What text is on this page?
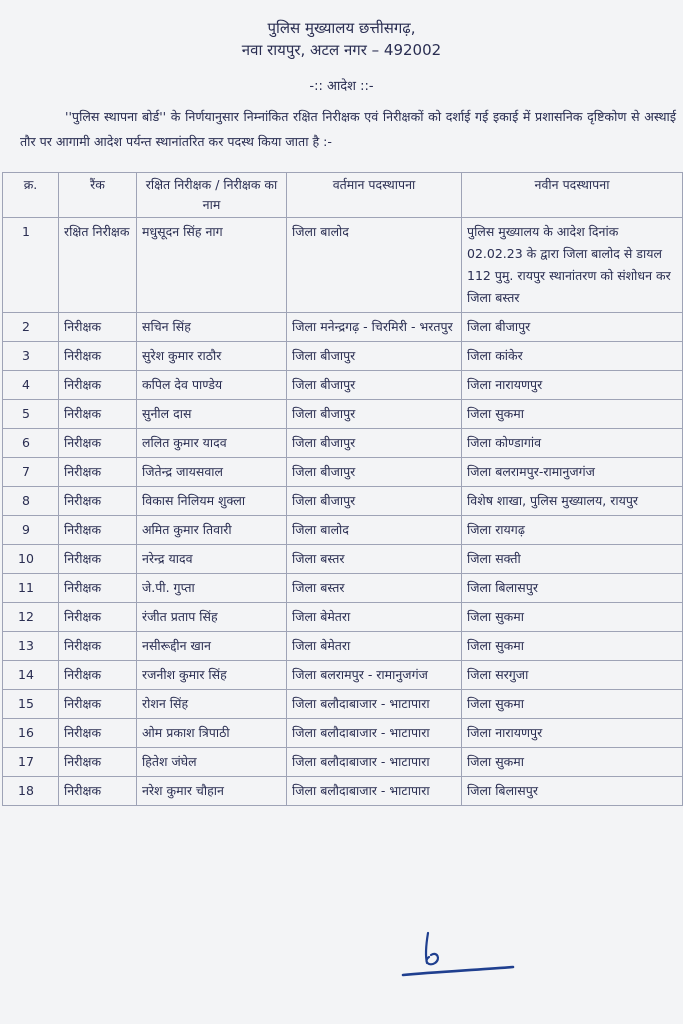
पुलिस मुख्यालय छत्तीसगढ़,
नवा रायपुर, अटल नगर – 492002
-:: आदेश ::-
''पुलिस स्थापना बोर्ड'' के निर्णयानुसार निम्नांकित रक्षित निरीक्षक एवं निरीक्षकों को दर्शाई गई इकाई में प्रशासनिक दृष्टिकोण से अस्थाई तौर पर आगामी आदेश पर्यन्त स्थानांतरित कर पदस्थ किया जाता है :-
क्र.	रैंक	रक्षित निरीक्षक / निरीक्षक का नाम	वर्तमान पदस्थापना	नवीन पदस्थापना
1	रक्षित निरीक्षक	मधुसूदन सिंह नाग	जिला बालोद	पुलिस मुख्यालय के आदेश दिनांक 02.02.23 के द्वारा जिला बालोद से डायल 112 पुमु. रायपुर स्थानांतरण को संशोधन कर जिला बस्तर
2	निरीक्षक	सचिन सिंह	जिला मनेन्द्रगढ़ - चिरमिरी - भरतपुर	जिला बीजापुर
3	निरीक्षक	सुरेश कुमार राठौर	जिला बीजापुर	जिला कांकेर
4	निरीक्षक	कपिल देव पाण्डेय	जिला बीजापुर	जिला नारायणपुर
5	निरीक्षक	सुनील दास	जिला बीजापुर	जिला सुकमा
6	निरीक्षक	ललित कुमार यादव	जिला बीजापुर	जिला कोण्डागांव
7	निरीक्षक	जितेन्द्र जायसवाल	जिला बीजापुर	जिला बलरामपुर-रामानुजगंज
8	निरीक्षक	विकास निलियम शुक्ला	जिला बीजापुर	विशेष शाखा, पुलिस मुख्यालय, रायपुर
9	निरीक्षक	अमित कुमार तिवारी	जिला बालोद	जिला रायगढ़
10	निरीक्षक	नरेन्द्र यादव	जिला बस्तर	जिला सक्ती
11	निरीक्षक	जे.पी. गुप्ता	जिला बस्तर	जिला बिलासपुर
12	निरीक्षक	रंजीत प्रताप सिंह	जिला बेमेतरा	जिला सुकमा
13	निरीक्षक	नसीरूद्दीन खान	जिला बेमेतरा	जिला सुकमा
14	निरीक्षक	रजनीश कुमार सिंह	जिला बलरामपुर - रामानुजगंज	जिला सरगुजा
15	निरीक्षक	रोशन सिंह	जिला बलौदाबाजार - भाटापारा	जिला सुकमा
16	निरीक्षक	ओम प्रकाश त्रिपाठी	जिला बलौदाबाजार - भाटापारा	जिला नारायणपुर
17	निरीक्षक	हितेश जंघेल	जिला बलौदाबाजार - भाटापारा	जिला सुकमा
18	निरीक्षक	नरेश कुमार चौहान	जिला बलौदाबाजार - भाटापारा	जिला बिलासपुर
